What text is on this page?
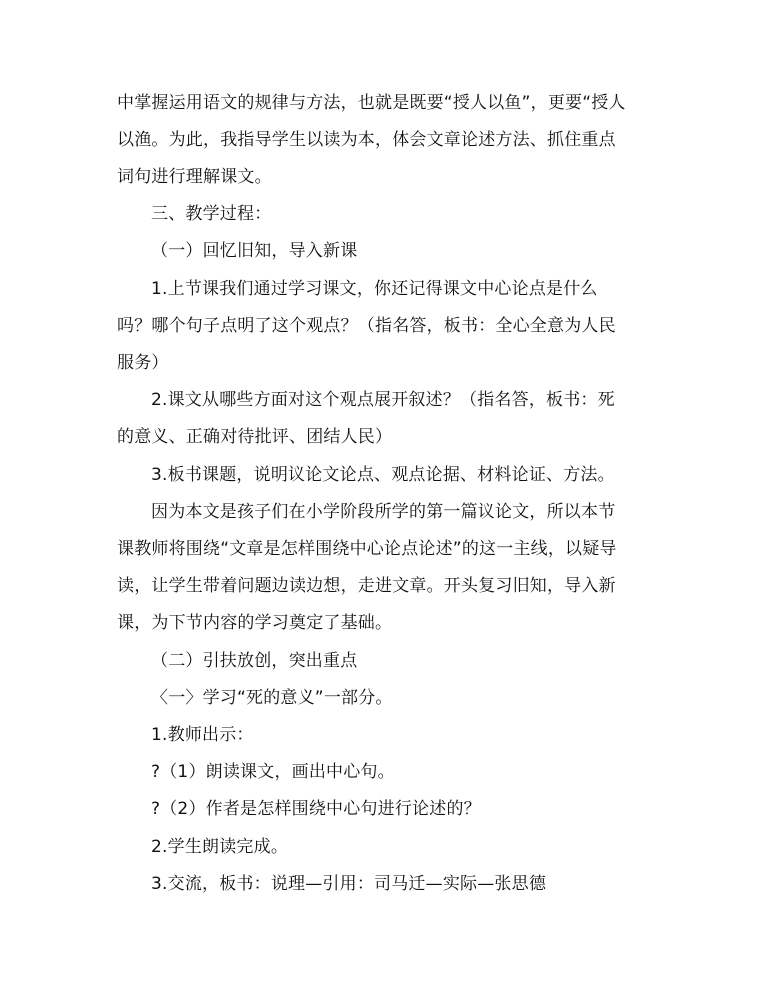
中掌握运用语文的规律与方法，也就是既要“授人以鱼”，更要“授人
以渔。为此，我指导学生以读为本，体会文章论述方法、抓住重点
词句进行理解课文。
三、教学过程：
（一）回忆旧知，导入新课
1.上节课我们通过学习课文，你还记得课文中心论点是什么
吗？哪个句子点明了这个观点？（指名答，板书：全心全意为人民
服务）
2.课文从哪些方面对这个观点展开叙述？（指名答，板书：死
的意义、正确对待批评、团结人民）
3.板书课题，说明议论文论点、观点论据、材料论证、方法。
因为本文是孩子们在小学阶段所学的第一篇议论文，所以本节
课教师将围绕“文章是怎样围绕中心论点论述”的这一主线，以疑导
读，让学生带着问题边读边想，走进文章。开头复习旧知，导入新
课，为下节内容的学习奠定了基础。
（二）引扶放创，突出重点
〈一〉学习“死的意义”一部分。
1.教师出示：
?（1）朗读课文，画出中心句。
?（2）作者是怎样围绕中心句进行论述的？
2.学生朗读完成。
3.交流，板书：说理—引用：司马迁—实际—张思德
